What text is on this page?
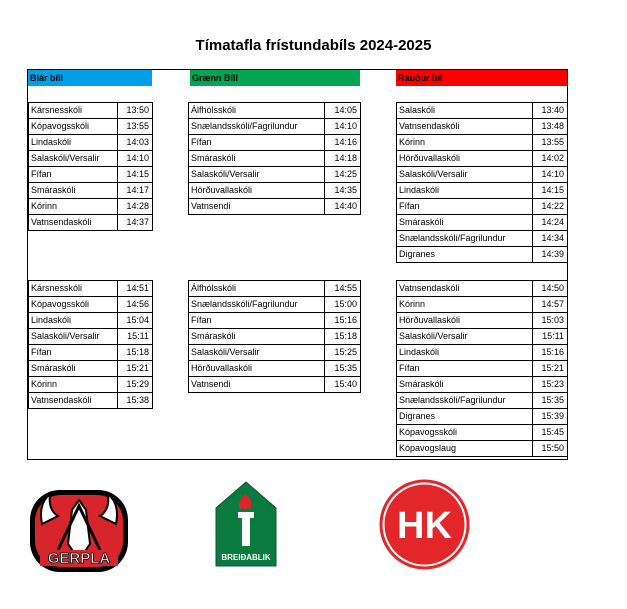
Tímatafla frístundabíls 2024-2025
Blár bíll	Grænn Bíll	Rauður bíl
Kársnesskóli	13:50
Kópavogsskóli	13:55
Lindaskóli	14:03
Salaskóli/Versalir	14:10
Fífan	14:15
Smáraskóli	14:17
Kórinn	14:28
Vatnsendaskóli	14:37
Kársnesskóli	14:51
Kópavogsskóli	14:56
Lindaskóli	15:04
Salaskóli/Versalir	15:11
Fífan	15:18
Smáraskóli	15:21
Kórinn	15:29
Vatnsendaskóli	15:38
Álfhólsskóli	14:05
Snælandsskóli/Fagrilundur	14:10
Fífan	14:16
Smáraskóli	14:18
Salaskóli/Versalir	14:25
Hörðuvallaskóli	14:35
Vatnsendi	14:40
Álfhólsskóli	14:55
Snælandsskóli/Fagrilundur	15:00
Fífan	15:16
Smáraskóli	15:18
Salaskóli/Versalir	15:25
Hörðuvallaskóli	15:35
Vatnsendi	15:40
Salaskóli	13:40
Vatnsendaskóli	13:48
Kórinn	13:55
Hörðuvallaskóli	14:02
Salaskóli/Versalir	14:10
Lindaskóli	14:15
Fífan	14:22
Smáraskóli	14:24
Snælandsskóli/Fagrilundur	14:34
Digranes	14:39
Vatnsendaskóli	14:50
Kórinn	14:57
Hörðuvallaskóli	15:03
Salaskóli/Versalir	15:11
Lindaskóli	15:16
Fífan	15:21
Smáraskóli	15:23
Snælandsskóli/Fagrilundur	15:35
Digranes	15:39
Kópavogsskóli	15:45
Kópavogslaug	15:50
GERPLA	BREIÐABLIK
HK
